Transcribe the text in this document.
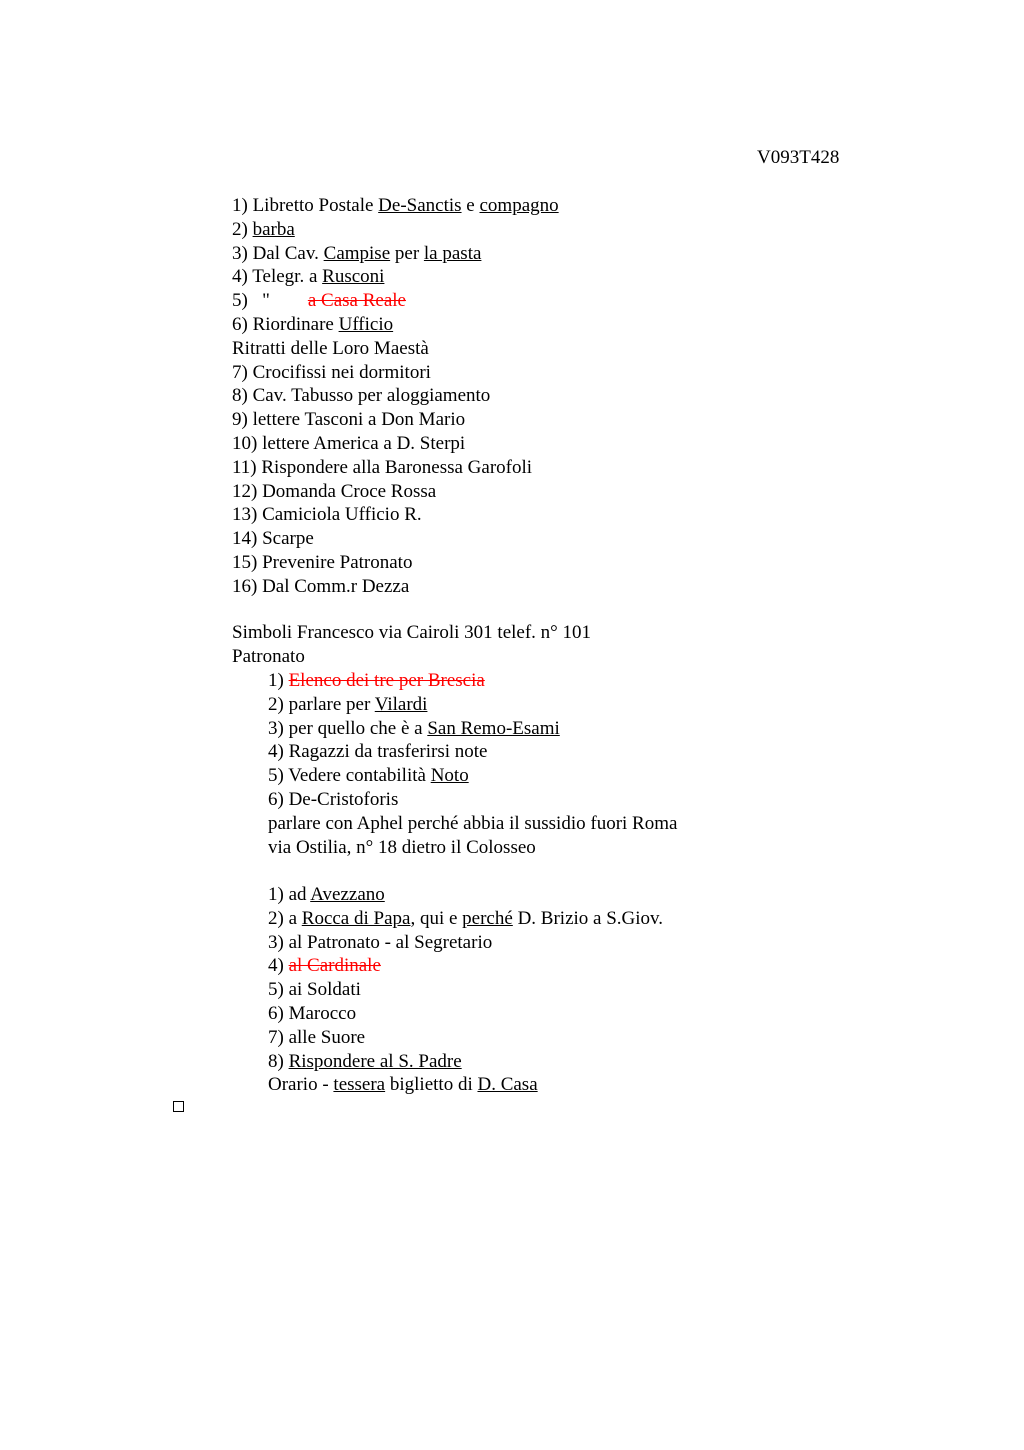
V093T428
1) Libretto Postale De-Sanctis e compagno
2) barba
3) Dal Cav. Campise per la pasta
4) Telegr. a Rusconi
5) " a Casa Reale
6) Riordinare Ufficio
Ritratti delle Loro Maestà
7) Crocifissi nei dormitori
8) Cav. Tabusso per aloggiamento
9) lettere Tasconi a Don Mario
10) lettere America a D. Sterpi
11) Rispondere alla Baronessa Garofoli
12) Domanda Croce Rossa
13) Camiciola Ufficio R.
14) Scarpe
15) Prevenire Patronato
16) Dal Comm.r Dezza
Simboli Francesco via Cairoli 301 telef. n° 101
Patronato
1) Elenco dei tre per Brescia
2) parlare per Vilardi
3) per quello che è a San Remo-Esami
4) Ragazzi da trasferirsi note
5) Vedere contabilità Noto
6) De-Cristoforis
parlare con Aphel perché abbia il sussidio fuori Roma
via Ostilia, n° 18 dietro il Colosseo
1) ad Avezzano
2) a Rocca di Papa, qui e perché D. Brizio a S.Giov.
3) al Patronato - al Segretario
4) al Cardinale
5) ai Soldati
6) Marocco
7) alle Suore
8) Rispondere al S. Padre
Orario - tessera biglietto di D. Casa
